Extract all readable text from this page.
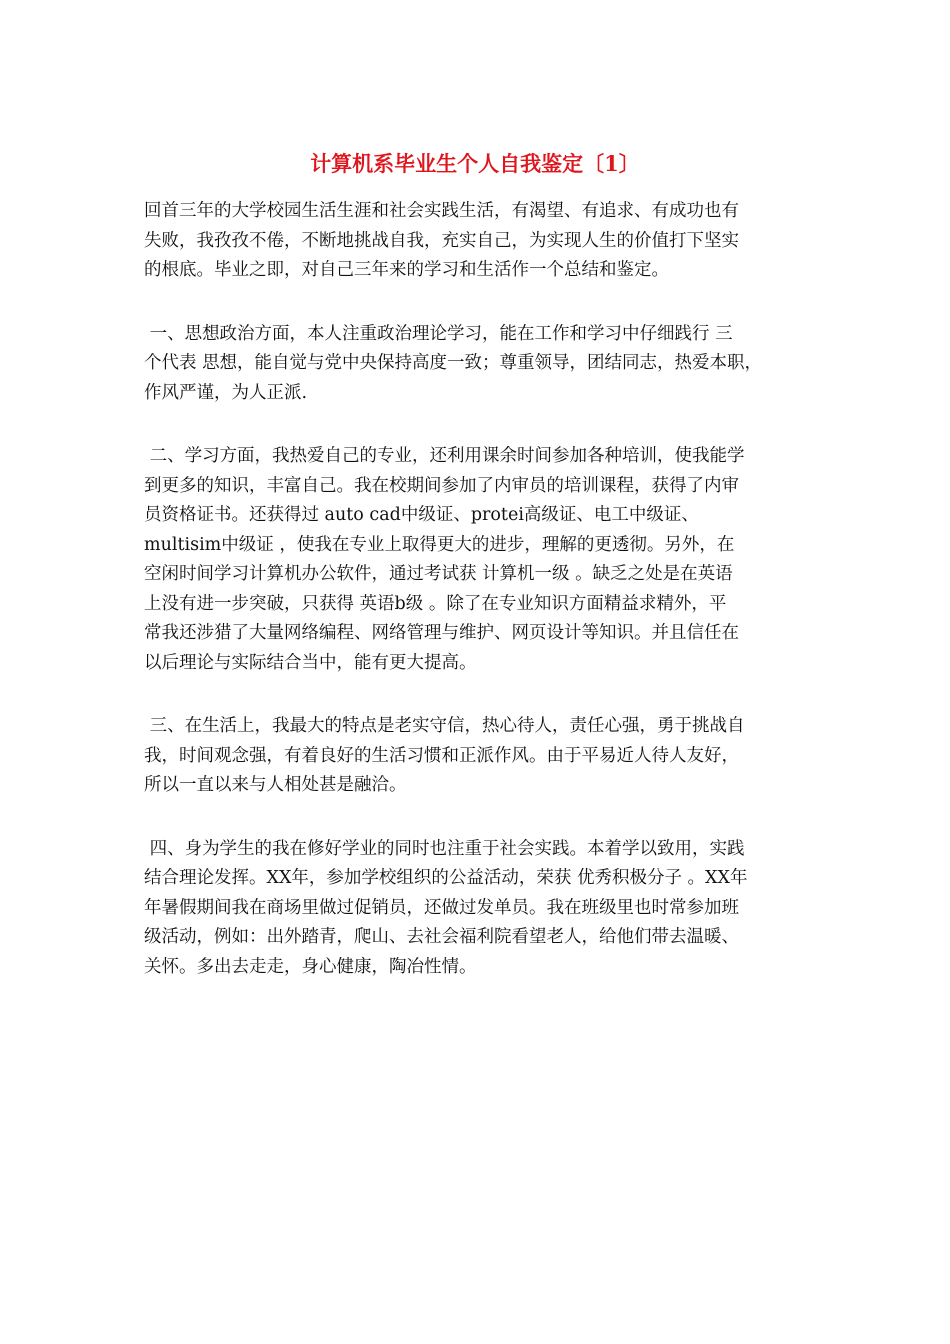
计算机系毕业生个人自我鉴定〔1〕
回首三年的大学校园生活生涯和社会实践生活，有渴望、有追求、有成功也有
失败，我孜孜不倦，不断地挑战自我，充实自己，为实现人生的价值打下坚实
的根底。毕业之即，对自己三年来的学习和生活作一个总结和鉴定。
一、思想政治方面，本人注重政治理论学习，能在工作和学习中仔细践行 三
个代表 思想，能自觉与党中央保持高度一致；尊重领导，团结同志，热爱本职，
作风严谨，为人正派.
二、学习方面，我热爱自己的专业，还利用课余时间参加各种培训，使我能学
到更多的知识，丰富自己。我在校期间参加了内审员的培训课程，获得了内审
员资格证书。还获得过 auto cad中级证、protei高级证、电工中级证、
multisim中级证 ，使我在专业上取得更大的进步，理解的更透彻。另外，在
空闲时间学习计算机办公软件，通过考试获 计算机一级 。缺乏之处是在英语
上没有进一步突破，只获得 英语b级 。除了在专业知识方面精益求精外，平
常我还涉猎了大量网络编程、网络管理与维护、网页设计等知识。并且信任在
以后理论与实际结合当中，能有更大提高。
三、在生活上，我最大的特点是老实守信，热心待人，责任心强，勇于挑战自
我，时间观念强，有着良好的生活习惯和正派作风。由于平易近人待人友好，
所以一直以来与人相处甚是融洽。
四、身为学生的我在修好学业的同时也注重于社会实践。本着学以致用，实践
结合理论发挥。XX年，参加学校组织的公益活动，荣获 优秀积极分子 。XX年
年暑假期间我在商场里做过促销员，还做过发单员。我在班级里也时常参加班
级活动，例如：出外踏青，爬山、去社会福利院看望老人，给他们带去温暖、
关怀。多出去走走，身心健康，陶冶性情。
